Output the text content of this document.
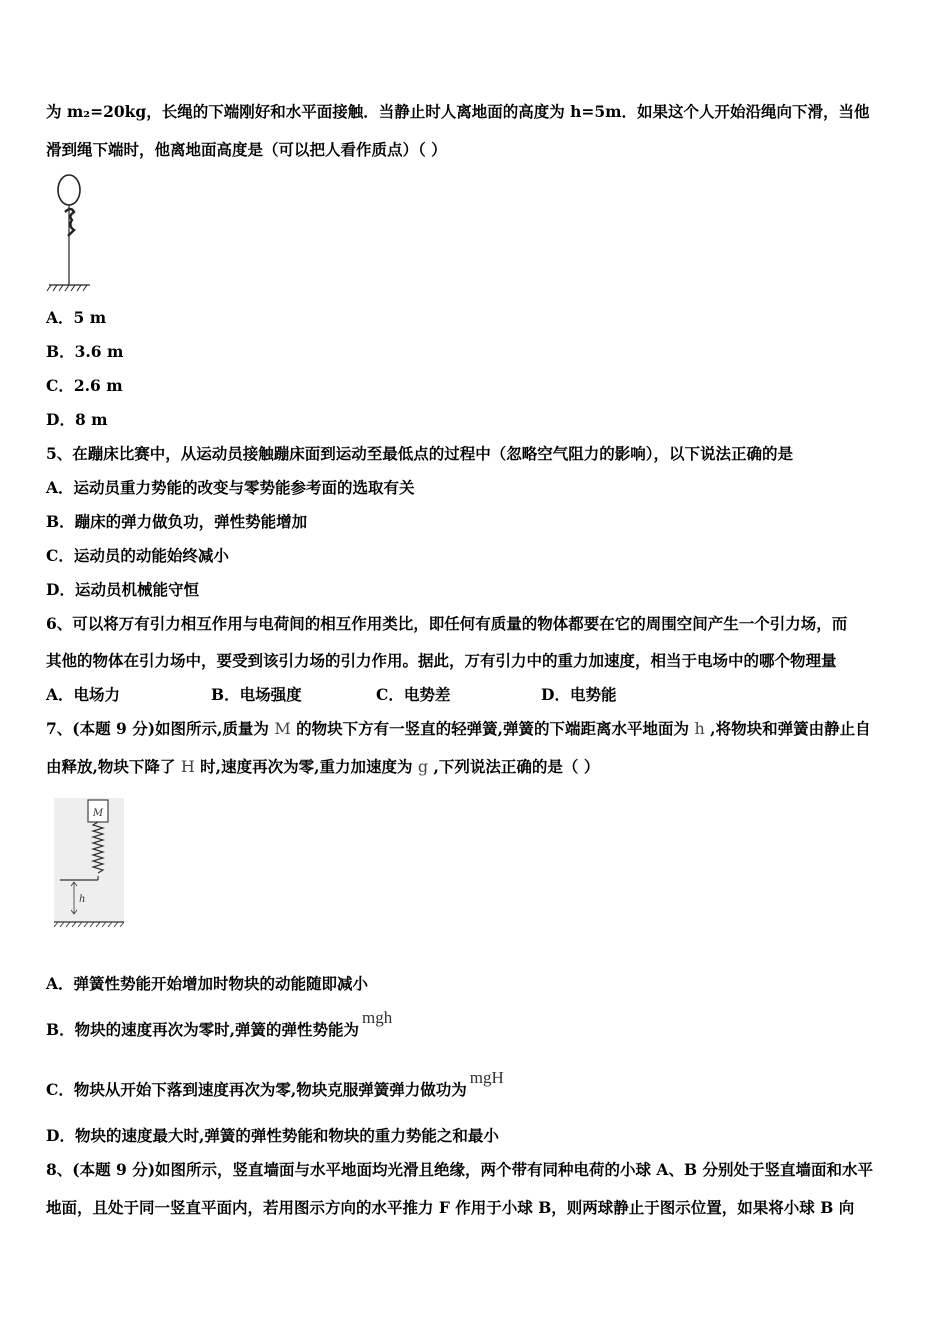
为 m₂=20kg，长绳的下端刚好和水平面接触．当静止时人离地面的高度为 h=5m．如果这个人开始沿绳向下滑，当他
滑到绳下端时，他离地面高度是（可以把人看作质点）（ ）
A．5 m
B．3.6 m
C．2.6 m
D．8 m
5、在蹦床比赛中，从运动员接触蹦床面到运动至最低点的过程中（忽略空气阻力的影响），以下说法正确的是
A．运动员重力势能的改变与零势能参考面的选取有关
B．蹦床的弹力做负功，弹性势能增加
C．运动员的动能始终减小
D．运动员机械能守恒
6、可以将万有引力相互作用与电荷间的相互作用类比，即任何有质量的物体都要在它的周围空间产生一个引力场，而
其他的物体在引力场中，要受到该引力场的引力作用。据此，万有引力中的重力加速度，相当于电场中的哪个物理量
A．电场力	B．电场强度	C．电势差	D．电势能
7、(本题 9 分)如图所示,质量为 M 的物块下方有一竖直的轻弹簧,弹簧的下端距离水平地面为 h ,将物块和弹簧由静止自
由释放,物块下降了 H 时,速度再次为零,重力加速度为 g ,下列说法正确的是（ ）
M
h
A．弹簧性势能开始增加时物块的动能随即减小
B．物块的速度再次为零时,弹簧的弹性势能为mgh
C．物块从开始下落到速度再次为零,物块克服弹簧弹力做功为mgH
D．物块的速度最大时,弹簧的弹性势能和物块的重力势能之和最小
8、(本题 9 分)如图所示，竖直墙面与水平地面均光滑且绝缘，两个带有同种电荷的小球 A、B 分别处于竖直墙面和水平
地面，且处于同一竖直平面内，若用图示方向的水平推力 F 作用于小球 B，则两球静止于图示位置，如果将小球 B 向
